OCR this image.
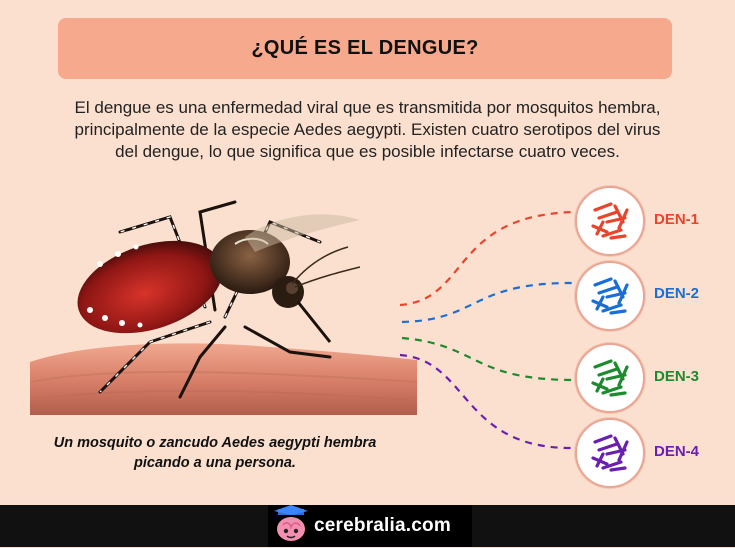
¿QUÉ ES EL DENGUE?

El dengue es una enfermedad viral que es transmitida por mosquitos hembra,
principalmente de la especie Aedes aegypti. Existen cuatro serotipos del virus
del dengue, lo que significa que es posible infectarse cuatro veces.

Un mosquito o zancudo Aedes aegypti hembra
picando a una persona.

DEN-1
DEN-2
DEN-3
DEN-4
cerebralia.com
